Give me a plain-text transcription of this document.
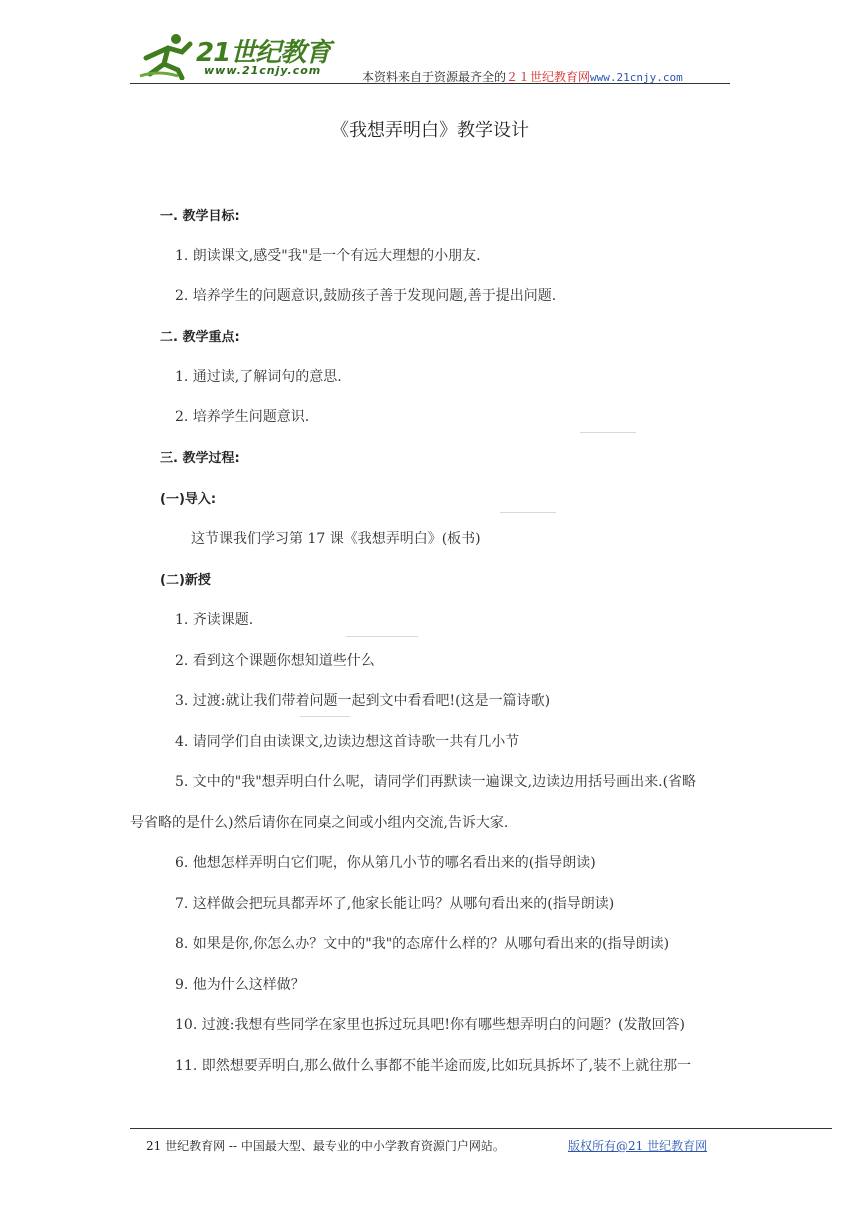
21世纪教育
www.21cnjy.com	本资料来自于资源最齐全的２１世纪教育网www.21cnjy.com
《我想弄明白》教学设计
一. 教学目标:
1. 朗读课文,感受"我"是一个有远大理想的小朋友.
2. 培养学生的问题意识,鼓励孩子善于发现问题,善于提出问题.
二. 教学重点:
1. 通过读,了解词句的意思.
2. 培养学生问题意识.
三. 教学过程:
(一)导入:
这节课我们学习第 17 课《我想弄明白》(板书)
(二)新授
1. 齐读课题.
2. 看到这个课题你想知道些什么
3. 过渡:就让我们带着问题一起到文中看看吧!(这是一篇诗歌)
4. 请同学们自由读课文,边读边想这首诗歌一共有几小节
5. 文中的"我"想弄明白什么呢，请同学们再默读一遍课文,边读边用括号画出来.(省略
号省略的是什么)然后请你在同桌之间或小组内交流,告诉大家.
6. 他想怎样弄明白它们呢，你从第几小节的哪名看出来的(指导朗读)
7. 这样做会把玩具都弄坏了,他家长能让吗？从哪句看出来的(指导朗读)
8. 如果是你,你怎么办？文中的"我"的态席什么样的？从哪句看出来的(指导朗读)
9. 他为什么这样做？
10. 过渡:我想有些同学在家里也拆过玩具吧!你有哪些想弄明白的问题？(发散回答)
11. 即然想要弄明白,那么做什么事都不能半途而废,比如玩具拆坏了,装不上就往那一
21 世纪教育网 -- 中国最大型、最专业的中小学教育资源门户网站。	版权所有@21 世纪教育网
